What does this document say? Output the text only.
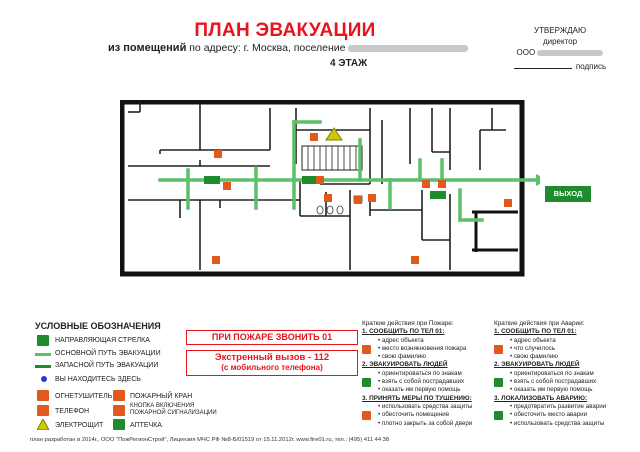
ПЛАН ЭВАКУАЦИИ
из помещений по адресу: г. Москва, поселение
4 ЭТАЖ
УТВЕРЖДАЮ
директор
ООО
подпись
ВЫХОД
УСЛОВНЫЕ ОБОЗНАЧЕНИЯ
НАПРАВЛЯЮЩАЯ СТРЕЛКА
ОСНОВНОЙ ПУТЬ ЭВАКУАЦИИ
ЗАПАСНОЙ ПУТЬ ЭВАКУАЦИИ
ВЫ НАХОДИТЕСЬ ЗДЕСЬ
ОГНЕТУШИТЕЛЬ	ПОЖАРНЫЙ КРАН
ТЕЛЕФОН
КНОПКА ВКЛЮЧЕНИЯ
ПОЖАРНОЙ СИГНАЛИЗАЦИИ
ЭЛЕКТРОЩИТ	АПТЕЧКА
ПРИ ПОЖАРЕ ЗВОНИТЬ 01
Экстренный вызов - 112
(с мобильного телефона)
Краткие действия при Пожаре:
1. СООБЩИТЬ ПО ТЕЛ 01:
• адрес объекта
• место возникновения пожара
• свою фамилию
2. ЭВАКУИРОВАТЬ ЛЮДЕЙ
• ориентироваться по знакам
• взять с собой пострадавших
• оказать им первую помощь
3. ПРИНЯТЬ МЕРЫ ПО ТУШЕНИЮ:
• использовать средства защиты
• обесточить помещение
• плотно закрыть за собой двери
Краткие действия при Аварии:
1. СООБЩИТЬ ПО ТЕЛ 01:
• адрес объекта
• что случилось
• свою фамилию
2. ЭВАКУИРОВАТЬ ЛЮДЕЙ
• ориентироваться по знакам
• взять с собой пострадавших
• оказать им первую помощь
3. ЛОКАЛИЗОВАТЬ АВАРИЮ:
• предотвратить развитие аварии
• обесточить место аварии
• использовать средства защиты
план разработан в 2014г., ООО "ПожРегионСтрой", Лицензия МЧС РФ №8-Б/01519 от 15.11.2012г. www.fire01.ru, тел.: (495) 411 44 38
